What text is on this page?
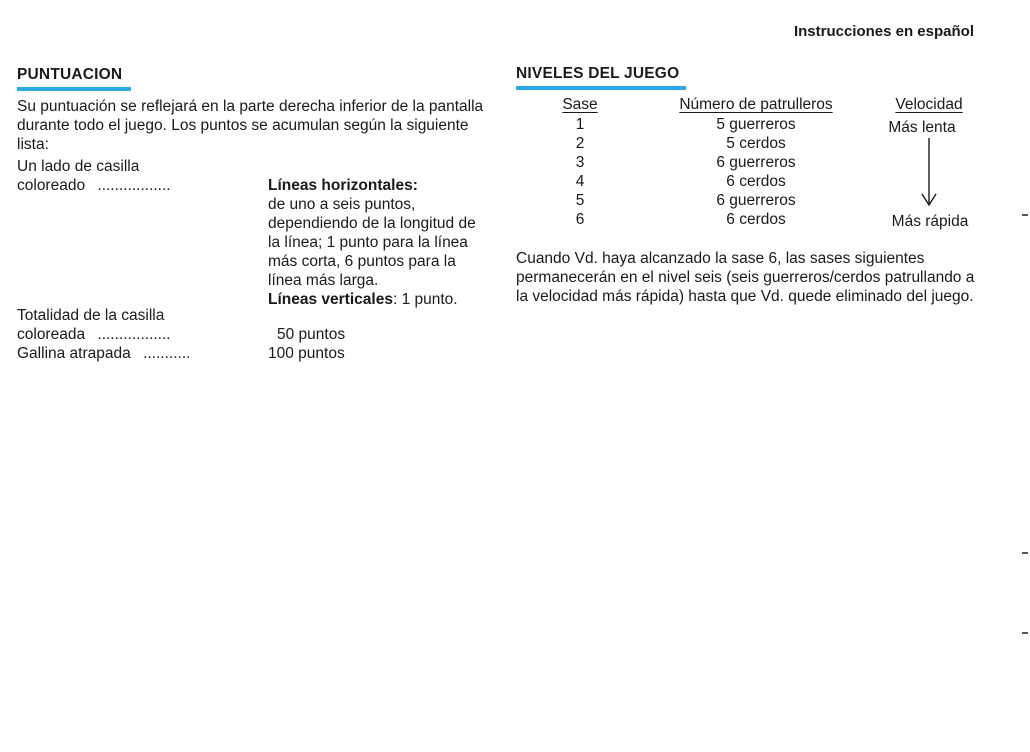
Instrucciones en español
PUNTUACION
Su puntuación se reflejará en la parte derecha inferior de la pantalla durante todo el juego. Los puntos se acumulan según la siguiente lista:
Un lado de casilla
coloreado .................	Líneas horizontales:
de uno a seis puntos, dependiendo de la longitud de la línea; 1 punto para la línea más corta, 6 puntos para la línea más larga.
Líneas verticales: 1 punto.
Totalidad de la casilla
coloreada .................	50 puntos
Gallina atrapada ...........	100 puntos
NIVELES DEL JUEGO
Sase	Número de patrulleros	Velocidad
1	5 guerreros
2	5 cerdos
3	6 guerreros
4	6 cerdos
5	6 guerreros
6	6 cerdos
Más lenta
Más rápida
Cuando Vd. haya alcanzado la sase 6, las sases siguientes permanecerán en el nivel seis (seis guerreros/cerdos patrullando a la velocidad más rápida) hasta que Vd. quede eliminado del juego.
